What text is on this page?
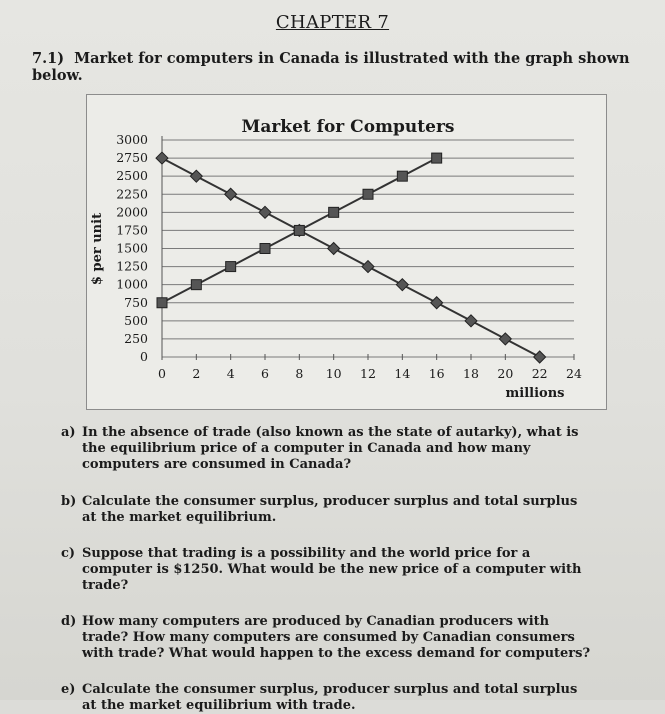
CHAPTER 7
7.1) Market for computers in Canada is illustrated with the graph shown below.
3000
2750
2500
2250
2000
1750
1500
1250
1000
750
500
250
0
0 2 4 6 8 10 12 14 16 18 20 22 24
Market for Computers
$ per unit
millions
a) In the absence of trade (also known as the state of autarky), what is the equilibrium price of a computer in Canada and how many computers are consumed in Canada?
b) Calculate the consumer surplus, producer surplus and total surplus at the market equilibrium.
c) Suppose that trading is a possibility and the world price for a computer is $1250. What would be the new price of a computer with trade?
d) How many computers are produced by Canadian producers with trade? How many computers are consumed by Canadian consumers with trade? What would happen to the excess demand for computers?
e) Calculate the consumer surplus, producer surplus and total surplus at the market equilibrium with trade.
